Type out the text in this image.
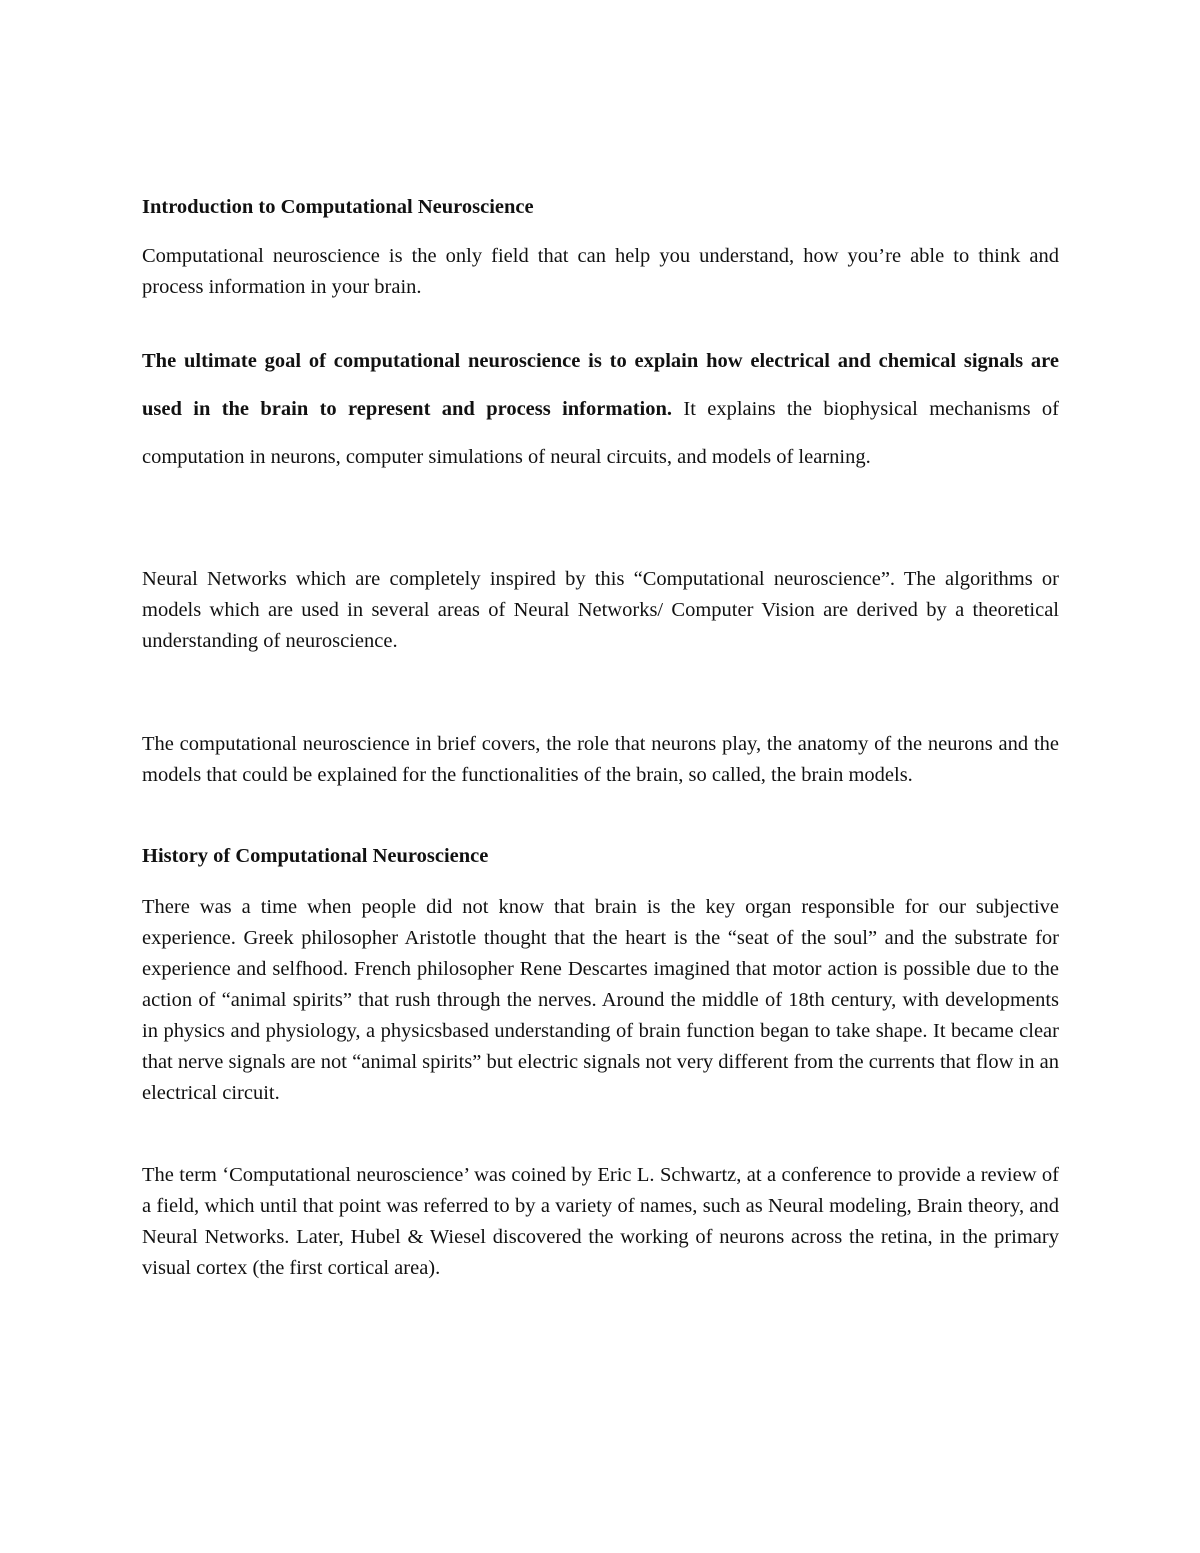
Introduction to Computational Neuroscience

Computational neuroscience is the only field that can help you understand, how you’re able to think and process information in your brain.

The ultimate goal of computational neuroscience is to explain how electrical and chemical signals are used in the brain to represent and process information. It explains the biophysical mechanisms of computation in neurons, computer simulations of neural circuits, and models of learning.

Neural Networks which are completely inspired by this “Computational neuroscience”. The algorithms or models which are used in several areas of Neural Networks/ Computer Vision are derived by a theoretical understanding of neuroscience.

The computational neuroscience in brief covers, the role that neurons play, the anatomy of the neurons and the models that could be explained for the functionalities of the brain, so called, the brain models.

History of Computational Neuroscience

There was a time when people did not know that brain is the key organ responsible for our subjective experience. Greek philosopher Aristotle thought that the heart is the “seat of the soul” and the substrate for experience and selfhood. French philosopher Rene Descartes imagined that motor action is possible due to the action of “animal spirits” that rush through the nerves. Around the middle of 18th century, with developments in physics and physiology, a physicsbased understanding of brain function began to take shape. It became clear that nerve signals are not “animal spirits” but electric signals not very different from the currents that flow in an electrical circuit.

The term ‘Computational neuroscience’ was coined by Eric L. Schwartz, at a conference to provide a review of a field, which until that point was referred to by a variety of names, such as Neural modeling, Brain theory, and Neural Networks. Later, Hubel & Wiesel discovered the working of neurons across the retina, in the primary visual cortex (the first cortical area).
